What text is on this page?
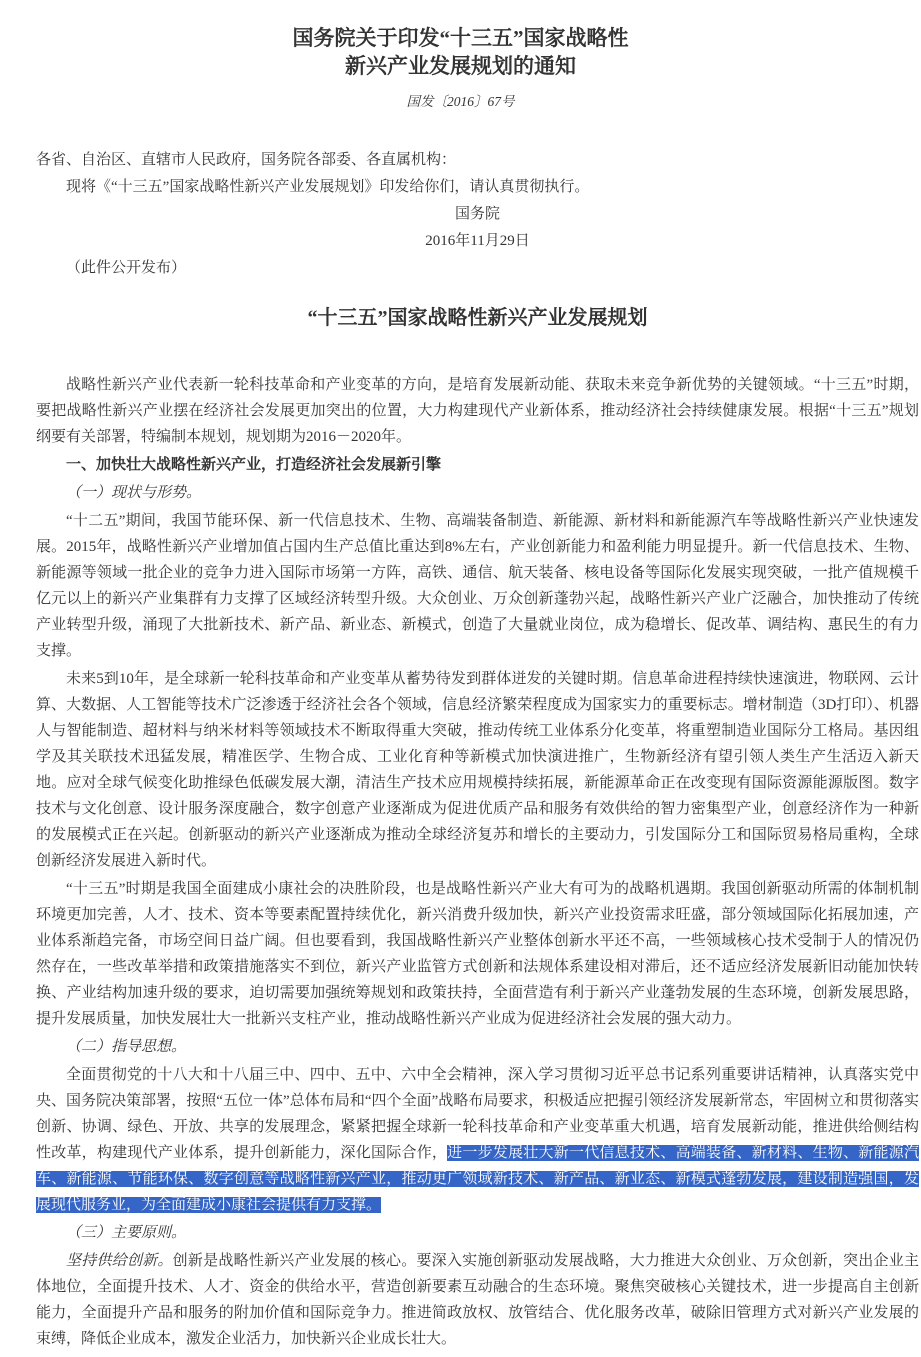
国务院关于印发“十三五”国家战略性
新兴产业发展规划的通知
国发〔2016〕67号

各省、自治区、直辖市人民政府，国务院各部委、各直属机构：

现将《“十三五”国家战略性新兴产业发展规划》印发给你们，请认真贯彻执行。

国务院

2016年11月29日

（此件公开发布）

“十三五”国家战略性新兴产业发展规划

战略性新兴产业代表新一轮科技革命和产业变革的方向，是培育发展新动能、获取未来竞争新优势的关键领域。“十三五”时期，要把战略性新兴产业摆在经济社会发展更加突出的位置，大力构建现代产业新体系，推动经济社会持续健康发展。根据“十三五”规划纲要有关部署，特编制本规划，规划期为2016－2020年。

一、加快壮大战略性新兴产业，打造经济社会发展新引擎

（一）现状与形势。

“十二五”期间，我国节能环保、新一代信息技术、生物、高端装备制造、新能源、新材料和新能源汽车等战略性新兴产业快速发展。2015年，战略性新兴产业增加值占国内生产总值比重达到8%左右，产业创新能力和盈利能力明显提升。新一代信息技术、生物、新能源等领域一批企业的竞争力进入国际市场第一方阵，高铁、通信、航天装备、核电设备等国际化发展实现突破，一批产值规模千亿元以上的新兴产业集群有力支撑了区域经济转型升级。大众创业、万众创新蓬勃兴起，战略性新兴产业广泛融合，加快推动了传统产业转型升级，涌现了大批新技术、新产品、新业态、新模式，创造了大量就业岗位，成为稳增长、促改革、调结构、惠民生的有力支撑。

未来5到10年，是全球新一轮科技革命和产业变革从蓄势待发到群体迸发的关键时期。信息革命进程持续快速演进，物联网、云计算、大数据、人工智能等技术广泛渗透于经济社会各个领域，信息经济繁荣程度成为国家实力的重要标志。增材制造（3D打印）、机器人与智能制造、超材料与纳米材料等领域技术不断取得重大突破，推动传统工业体系分化变革，将重塑制造业国际分工格局。基因组学及其关联技术迅猛发展，精准医学、生物合成、工业化育种等新模式加快演进推广，生物新经济有望引领人类生产生活迈入新天地。应对全球气候变化助推绿色低碳发展大潮，清洁生产技术应用规模持续拓展，新能源革命正在改变现有国际资源能源版图。数字技术与文化创意、设计服务深度融合，数字创意产业逐渐成为促进优质产品和服务有效供给的智力密集型产业，创意经济作为一种新的发展模式正在兴起。创新驱动的新兴产业逐渐成为推动全球经济复苏和增长的主要动力，引发国际分工和国际贸易格局重构，全球创新经济发展进入新时代。

“十三五”时期是我国全面建成小康社会的决胜阶段，也是战略性新兴产业大有可为的战略机遇期。我国创新驱动所需的体制机制环境更加完善，人才、技术、资本等要素配置持续优化，新兴消费升级加快，新兴产业投资需求旺盛，部分领域国际化拓展加速，产业体系渐趋完备，市场空间日益广阔。但也要看到，我国战略性新兴产业整体创新水平还不高，一些领域核心技术受制于人的情况仍然存在，一些改革举措和政策措施落实不到位，新兴产业监管方式创新和法规体系建设相对滞后，还不适应经济发展新旧动能加快转换、产业结构加速升级的要求，迫切需要加强统筹规划和政策扶持，全面营造有利于新兴产业蓬勃发展的生态环境，创新发展思路，提升发展质量，加快发展壮大一批新兴支柱产业，推动战略性新兴产业成为促进经济社会发展的强大动力。

（二）指导思想。

全面贯彻党的十八大和十八届三中、四中、五中、六中全会精神，深入学习贯彻习近平总书记系列重要讲话精神，认真落实党中央、国务院决策部署，按照“五位一体”总体布局和“四个全面”战略布局要求，积极适应把握引领经济发展新常态，牢固树立和贯彻落实创新、协调、绿色、开放、共享的发展理念，紧紧把握全球新一轮科技革命和产业变革重大机遇，培育发展新动能，推进供给侧结构性改革，构建现代产业体系，提升创新能力，深化国际合作，进一步发展壮大新一代信息技术、高端装备、新材料、生物、新能源汽车、新能源、节能环保、数字创意等战略性新兴产业，推动更广领域新技术、新产品、新业态、新模式蓬勃发展，建设制造强国，发展现代服务业，为全面建成小康社会提供有力支撑。

（三）主要原则。

坚持供给创新。创新是战略性新兴产业发展的核心。要深入实施创新驱动发展战略，大力推进大众创业、万众创新，突出企业主体地位，全面提升技术、人才、资金的供给水平，营造创新要素互动融合的生态环境。聚焦突破核心关键技术，进一步提高自主创新能力，全面提升产品和服务的附加价值和国际竞争力。推进简政放权、放管结合、优化服务改革，破除旧管理方式对新兴产业发展的束缚，降低企业成本，激发企业活力，加快新兴企业成长壮大。
